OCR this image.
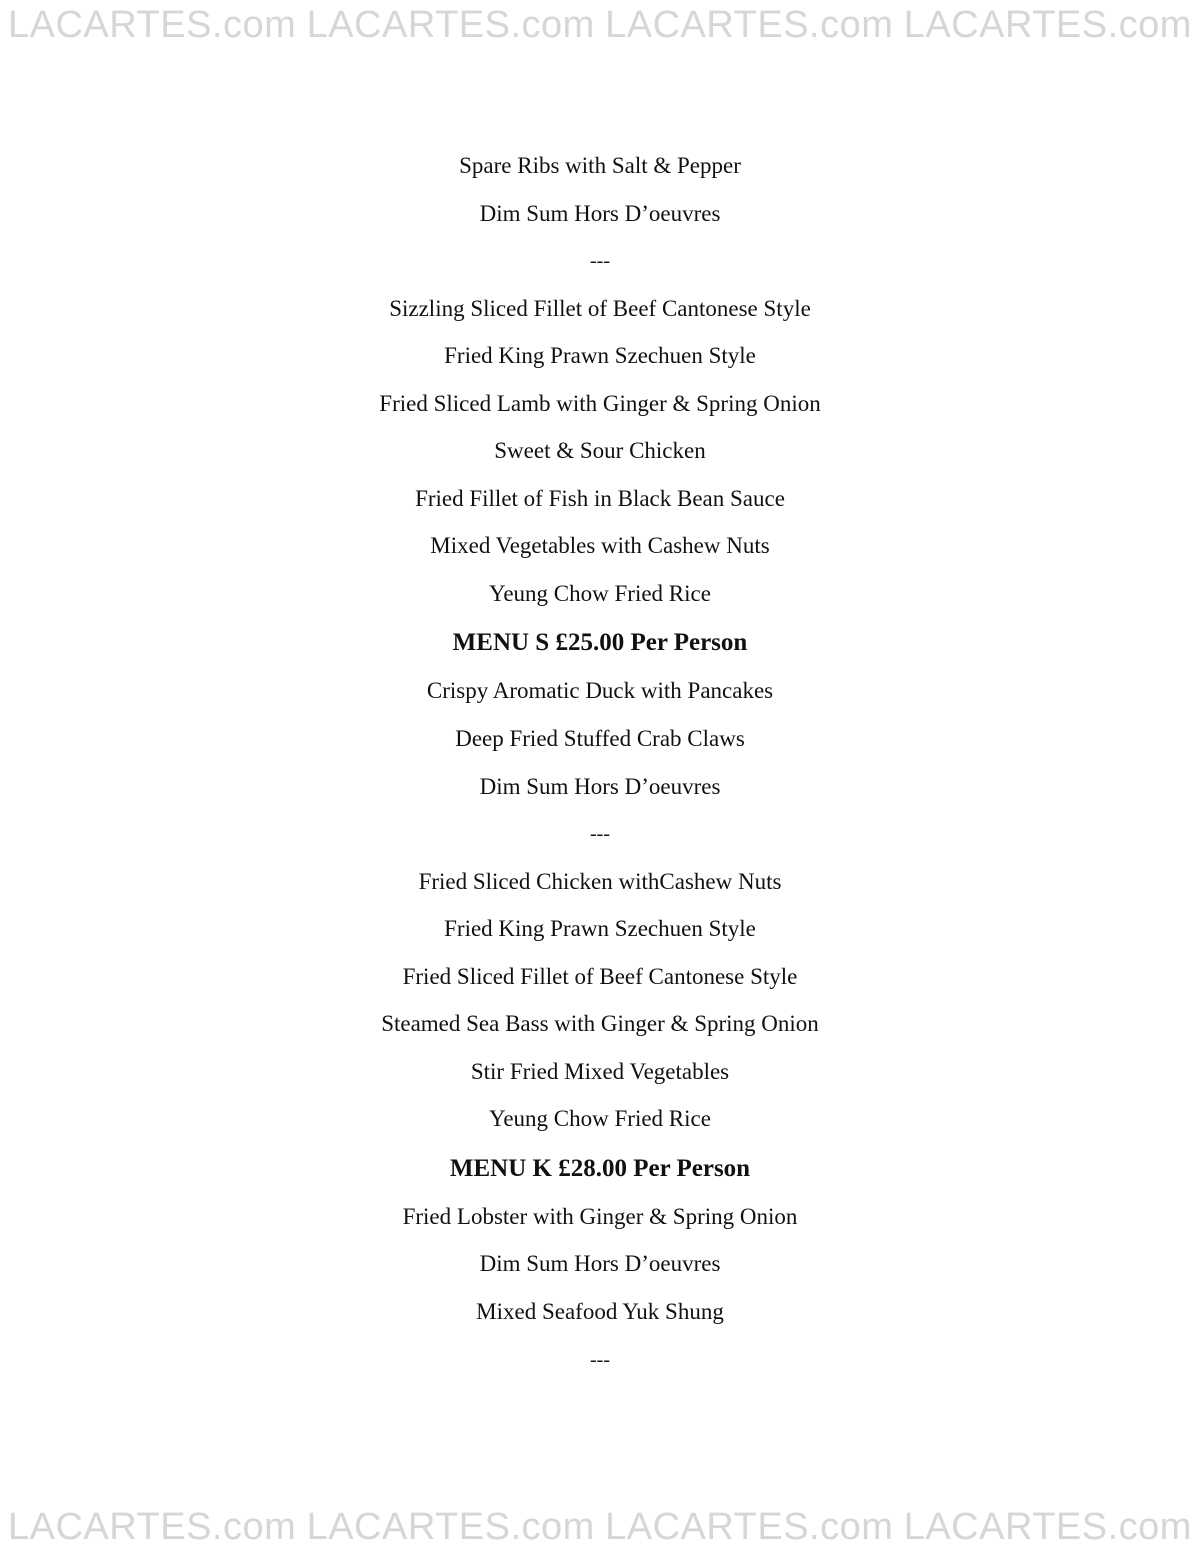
LACARTES.com LACARTES.com LACARTES.com LACARTES.com
Spare Ribs with Salt & Pepper
Dim Sum Hors D’oeuvres
---
Sizzling Sliced Fillet of Beef Cantonese Style
Fried King Prawn Szechuen Style
Fried Sliced Lamb with Ginger & Spring Onion
Sweet & Sour Chicken
Fried Fillet of Fish in Black Bean Sauce
Mixed Vegetables with Cashew Nuts
Yeung Chow Fried Rice
MENU S £25.00 Per Person
Crispy Aromatic Duck with Pancakes
Deep Fried Stuffed Crab Claws
Dim Sum Hors D’oeuvres
---
Fried Sliced Chicken withCashew Nuts
Fried King Prawn Szechuen Style
Fried Sliced Fillet of Beef Cantonese Style
Steamed Sea Bass with Ginger & Spring Onion
Stir Fried Mixed Vegetables
Yeung Chow Fried Rice
MENU K £28.00 Per Person
Fried Lobster with Ginger & Spring Onion
Dim Sum Hors D’oeuvres
Mixed Seafood Yuk Shung
---
LACARTES.com LACARTES.com LACARTES.com LACARTES.com
